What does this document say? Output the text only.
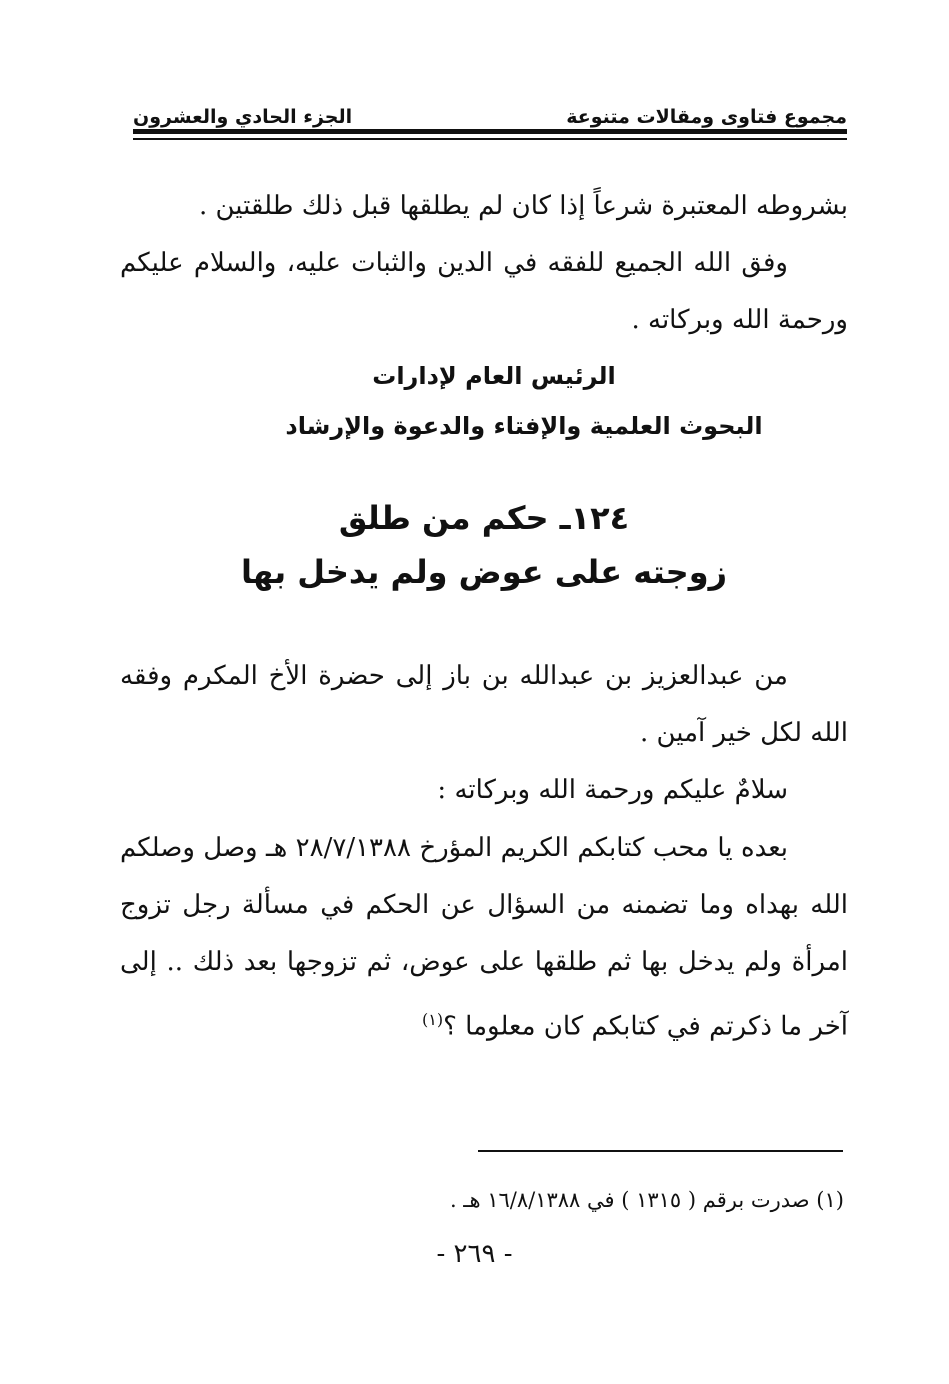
مجموع فتاوى ومقالات متنوعة
الجزء الحادي والعشرون
بشروطه المعتبرة شرعاً إذا كان لم يطلقها قبل ذلك طلقتين .
وفق الله الجميع للفقه في الدين والثبات عليه، والسلام عليكم ورحمة الله وبركاته .
الرئيس العام لإدارات
البحوث العلمية والإفتاء والدعوة والإرشاد
١٢٤ـ حكم من طلق
زوجته على عوض ولم يدخل بها
من عبدالعزيز بن عبدالله بن باز إلى حضرة الأخ المكرم وفقه الله لكل خير آمين .
سلامٌ عليكم ورحمة الله وبركاته :
بعده يا محب كتابكم الكريم المؤرخ ٢٨/٧/١٣٨٨ هـ وصل وصلكم الله بهداه وما تضمنه من السؤال عن الحكم في مسألة رجل تزوج امرأة ولم يدخل بها ثم طلقها على عوض، ثم تزوجها بعد ذلك .. إلى آخر ما ذكرتم في كتابكم كان معلوما ؟$^{(١)}$
(١) صدرت برقم ( ١٣١٥ ) في ١٦/٨/١٣٨٨ هـ .
- ٢٦٩ -
